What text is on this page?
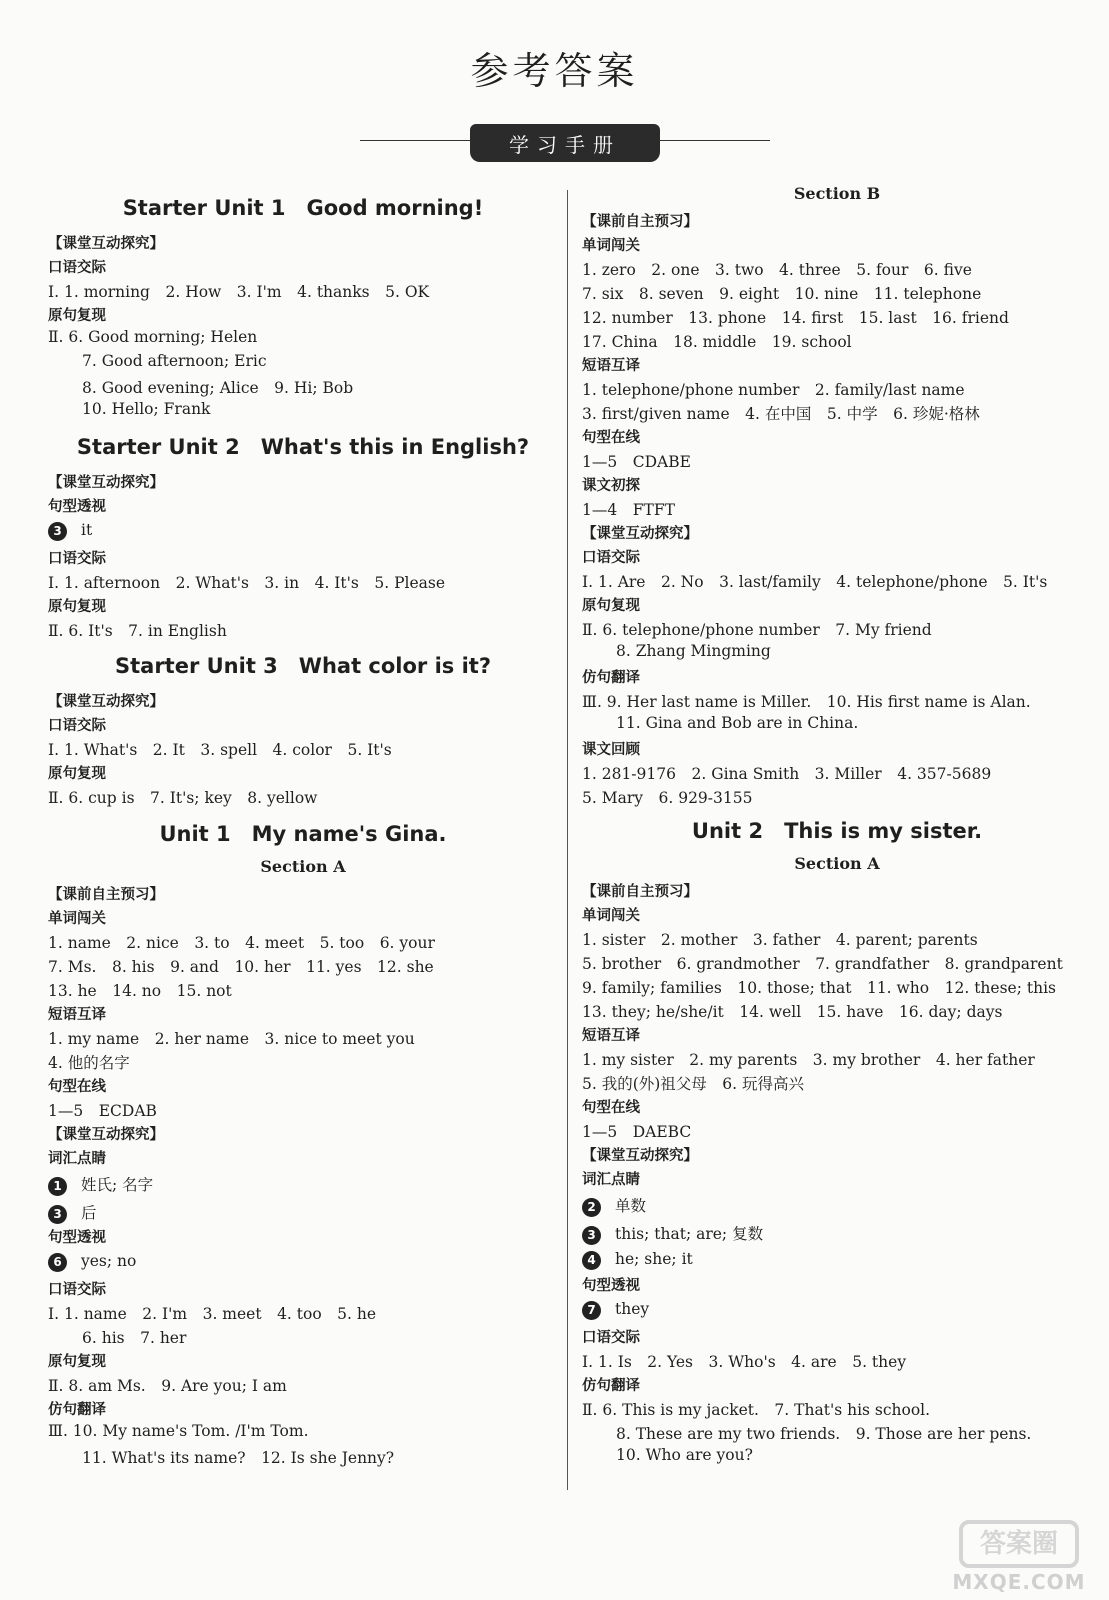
参考答案
学习手册
Starter Unit 1　Good morning!
【课堂互动探究】
口语交际
Ⅰ. 1. morning　2. How　3. I'm　4. thanks　5. OK
原句复现
Ⅱ. 6. Good morning; Helen
7. Good afternoon; Eric
8. Good evening; Alice　9. Hi; Bob
10. Hello; Frank
Starter Unit 2　What's this in English?
【课堂互动探究】
句型透视
3 it
口语交际
Ⅰ. 1. afternoon　2. What's　3. in　4. It's　5. Please
原句复现
Ⅱ. 6. It's　7. in English
Starter Unit 3　What color is it?
【课堂互动探究】
口语交际
Ⅰ. 1. What's　2. It　3. spell　4. color　5. It's
原句复现
Ⅱ. 6. cup is　7. It's; key　8. yellow
Unit 1　My name's Gina.
Section A
【课前自主预习】
单词闯关
1. name　2. nice　3. to　4. meet　5. too　6. your
7. Ms.　8. his　9. and　10. her　11. yes　12. she
13. he　14. no　15. not
短语互译
1. my name　2. her name　3. nice to meet you
4. 他的名字
句型在线
1—5　ECDAB
【课堂互动探究】
词汇点睛
1 姓氏; 名字
3 后
句型透视
6 yes; no
口语交际
Ⅰ. 1. name　2. I'm　3. meet　4. too　5. he
6. his　7. her
原句复现
Ⅱ. 8. am Ms.　9. Are you; I am
仿句翻译
Ⅲ. 10. My name's Tom. /I'm Tom.
11. What's its name?　12. Is she Jenny?
Section B
【课前自主预习】
单词闯关
1. zero　2. one　3. two　4. three　5. four　6. five
7. six　8. seven　9. eight　10. nine　11. telephone
12. number　13. phone　14. first　15. last　16. friend
17. China　18. middle　19. school
短语互译
1. telephone/phone number　2. family/last name
3. first/given name　4. 在中国　5. 中学　6. 珍妮·格林
句型在线
1—5　CDABE
课文初探
1—4　FTFT
【课堂互动探究】
口语交际
Ⅰ. 1. Are　2. No　3. last/family　4. telephone/phone　5. It's
原句复现
Ⅱ. 6. telephone/phone number　7. My friend
8. Zhang Mingming
仿句翻译
Ⅲ. 9. Her last name is Miller.　10. His first name is Alan.
11. Gina and Bob are in China.
课文回顾
1. 281-9176　2. Gina Smith　3. Miller　4. 357-5689
5. Mary　6. 929-3155
Unit 2　This is my sister.
Section A
【课前自主预习】
单词闯关
1. sister　2. mother　3. father　4. parent; parents
5. brother　6. grandmother　7. grandfather　8. grandparent
9. family; families　10. those; that　11. who　12. these; this
13. they; he/she/it　14. well　15. have　16. day; days
短语互译
1. my sister　2. my parents　3. my brother　4. her father
5. 我的(外)祖父母　6. 玩得高兴
句型在线
1—5　DAEBC
【课堂互动探究】
词汇点睛
2 单数
3 this; that; are; 复数
4 he; she; it
句型透视
7 they
口语交际
Ⅰ. 1. Is　2. Yes　3. Who's　4. are　5. they
仿句翻译
Ⅱ. 6. This is my jacket.　7. That's his school.
8. These are my two friends.　9. Those are her pens.
10. Who are you?
答案圈
MXQE.COM
